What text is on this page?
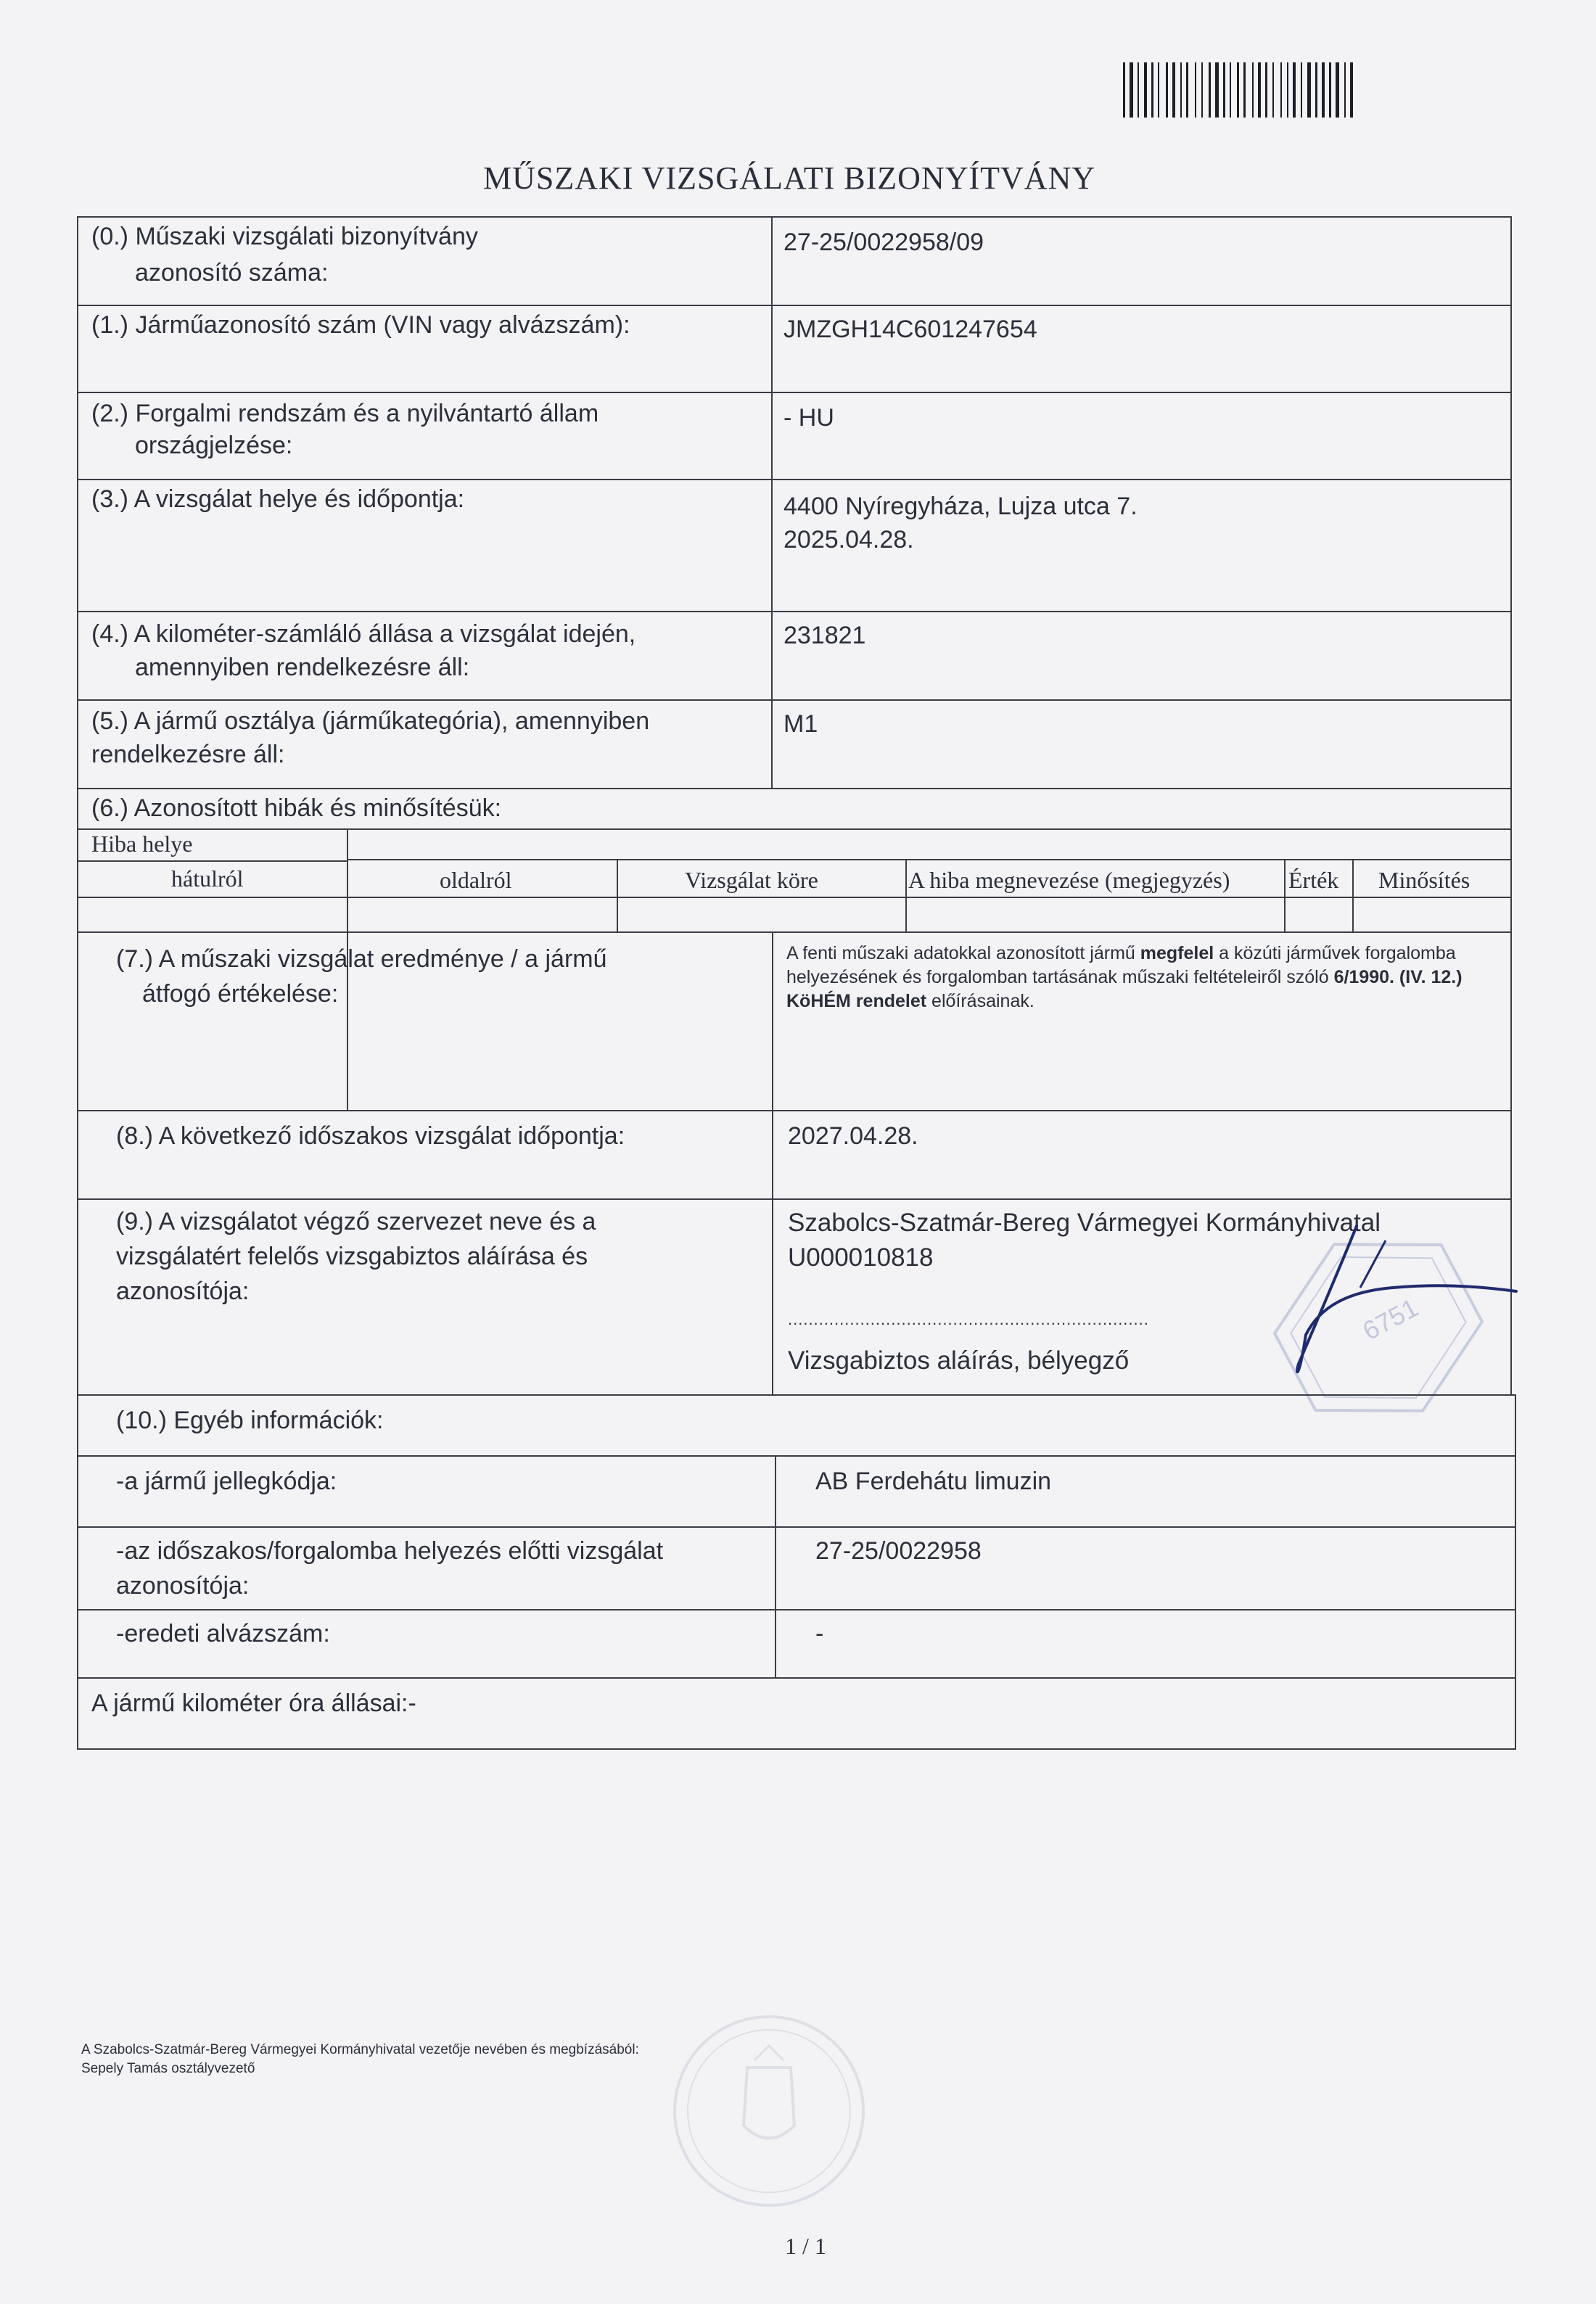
MŰSZAKI VIZSGÁLATI BIZONYÍTVÁNY
(0.) Műszaki vizsgálati bizonyítvány
azonosító száma:
27-25/0022958/09
(1.) Járműazonosító szám (VIN vagy alvázszám):	JMZGH14C601247654
(2.) Forgalmi rendszám és a nyilvántartó állam
országjelzése:
- HU
(3.) A vizsgálat helye és időpontja:	4400 Nyíregyháza, Lujza utca 7.
2025.04.28.
(4.) A kilométer-számláló állása a vizsgálat idején,
amennyiben rendelkezésre áll:
231821
(5.) A jármű osztálya (járműkategória), amennyiben
rendelkezésre áll:
M1
(6.) Azonosított hibák és minősítésük:
Hiba helye
hátulról	oldalról	Vizsgálat köre	A hiba megnevezése (megjegyzés)	Érték Minősítés
(7.) A műszaki vizsgálat eredménye / a jármű
átfogó értékelése:
A fenti műszaki adatokkal azonosított jármű megfelel a közúti járművek forgalomba helyezésének és forgalomban tartásának műszaki feltételeiről szóló 6/1990. (IV. 12.) KöHÉM rendelet előírásainak.
(8.) A következő időszakos vizsgálat időpontja:	2027.04.28.
(9.) A vizsgálatot végző szervezet neve és a
vizsgálatért felelős vizsgabiztos aláírása és
azonosítója:
Szabolcs-Szatmár-Bereg Vármegyei Kormányhivatal
U000010818
......................................................................
Vizsgabiztos aláírás, bélyegző
6751
(10.) Egyéb információk:
-a jármű jellegkódja:	AB Ferdehátu limuzin
-az időszakos/forgalomba helyezés előtti vizsgálat
azonosítója:
27-25/0022958
-eredeti alvázszám:	-
A jármű kilométer óra állásai:-
A Szabolcs-Szatmár-Bereg Vármegyei Kormányhivatal vezetője nevében és megbízásából:
Sepely Tamás osztályvezető
1 / 1
